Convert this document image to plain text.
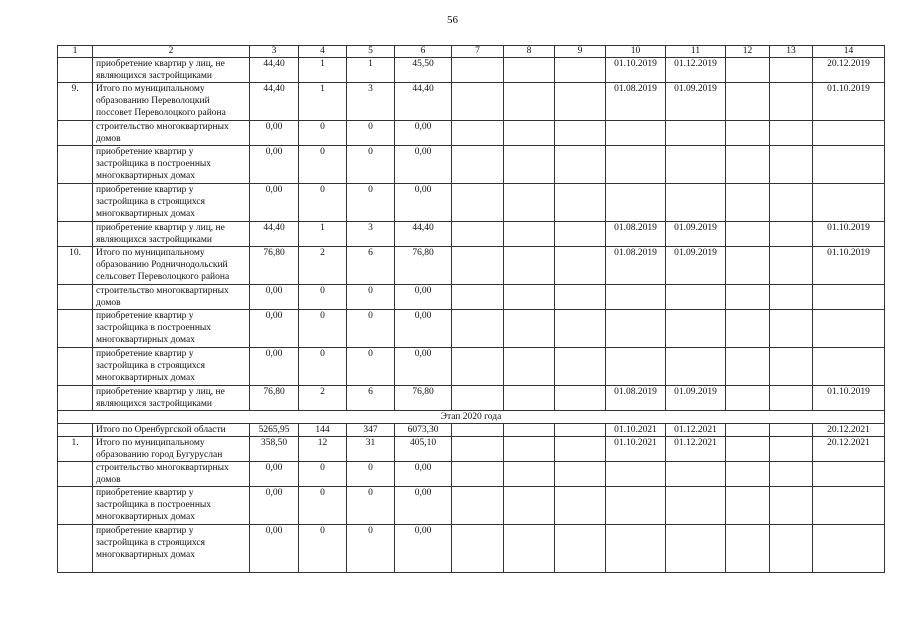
56
1	2	3	4	5	6	7	8	9	10	11	12	13	14
	приобретение квартир у лиц, не являющихся застройщиками	44,40	1	1	45,50				01.10.2019	01.12.2019			20.12.2019
9.	Итого по муниципальному образованию Переволоцкий поссовет Переволоцкого района	44,40	1	3	44,40				01.08.2019	01.09.2019			01.10.2019
	строительство многоквартирных домов	0,00	0	0	0,00								
	приобретение квартир у застройщика в построенных многоквартирных домах	0,00	0	0	0,00								
	приобретение квартир у застройщика в строящихся многоквартирных домах	0,00	0	0	0,00								
	приобретение квартир у лиц, не являющихся застройщиками	44,40	1	3	44,40				01.08.2019	01.09.2019			01.10.2019
10.	Итого по муниципальному образованию Родничнодольский сельсовет Переволоцкого района	76,80	2	6	76,80				01.08.2019	01.09.2019			01.10.2019
	строительство многоквартирных домов	0,00	0	0	0,00								
	приобретение квартир у застройщика в построенных многоквартирных домах	0,00	0	0	0,00								
	приобретение квартир у застройщика в строящихся многоквартирных домах	0,00	0	0	0,00								
	приобретение квартир у лиц, не являющихся застройщиками	76,80	2	6	76,80				01.08.2019	01.09.2019			01.10.2019
Этап 2020 года													
	Итого по Оренбургской области	5265,95	144	347	6073,30				01.10.2021	01.12.2021			20.12.2021
1.	Итого по муниципальному образованию город Бугуруслан	358,50	12	31	405,10				01.10.2021	01.12.2021			20.12.2021
	строительство многоквартирных домов	0,00	0	0	0,00								
	приобретение квартир у застройщика в построенных многоквартирных домах	0,00	0	0	0,00								
	приобретение квартир у застройщика в строящихся многоквартирных домах	0,00	0	0	0,00								
